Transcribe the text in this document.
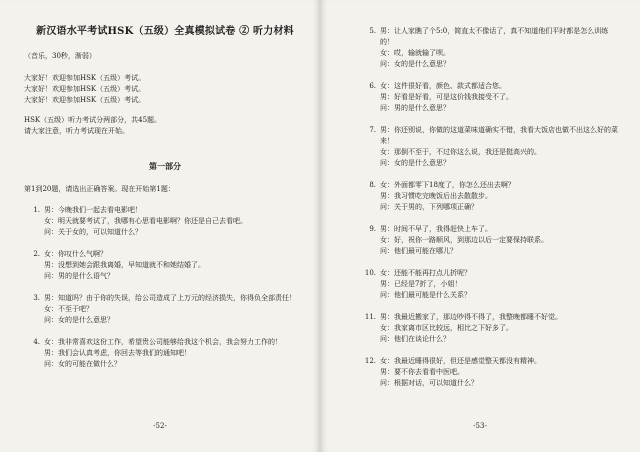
新汉语水平考试HSK（五级）全真模拟试卷 ② 听力材料
（音乐，30秒，渐弱）
大家好！欢迎参加HSK（五级）考试。
大家好！欢迎参加HSK（五级）考试。
大家好！欢迎参加HSK（五级）考试。
HSK（五级）听力考试分两部分，共45题。
请大家注意，听力考试现在开始。
第一部分
第1到20题，请选出正确答案。现在开始第1题：
1. 男：今晚我们一起去看电影吧！
女：明天就要考试了，我哪有心思看电影啊？你还是自己去看吧。
问：关于女的，可以知道什么？
2. 女：你叹什么气啊？
男：没想到她会跟我离婚，早知道就不和她结婚了。
问：男的是什么语气？
3. 男：知道吗？由于你的失误，给公司造成了上万元的经济损失，你得负全部责任！
女：不至于吧？
问：女的是什么意思？
4. 女：我非常喜欢这份工作，希望贵公司能够给我这个机会，我会努力工作的！
男：我们会认真考虑，你回去等我们的通知吧！
问：女的可能在做什么？
-52-
5. 男：让人家瞧了个5:0，简直太不像话了，真不知道他们平时都是怎么训练的！
女：哎，输就输了呗。
问：女的是什么意思？
6. 女：这件很好看，颜色、款式都适合您。
男：好看是好看，可是这价钱我接受不了。
问：男的是什么意思？
7. 男：你还别说，你做的这道菜味道确实不错，我看大饭店也做不出这么好的菜来！
女：那倒不至于，不过你这么说，我还是挺高兴的。
问：女的是什么意思？
8. 女：外面都零下18度了，你怎么还出去啊？
男：我习惯吃完晚饭后出去散散步。
问：关于男的，下列哪项正确？
9. 男：时间不早了，我得赶快上车了。
女：好，祝你一路顺风，到那边以后一定要保持联系。
问：他们最可能在哪儿？
10. 女：还能不能再打点儿折呢？
男：已经是7折了，小姐！
问：他们最可能是什么关系？
11. 男：我最近搬家了，那边吵得不得了，我整晚都睡不好觉。
女：我家离市区比较远，相比之下好多了。
问：他们在谈论什么？
12. 女：我最近睡得很好，但还是感觉整天都没有精神。
男：要不你去看看中医吧。
问：根据对话，可以知道什么？
-53-
